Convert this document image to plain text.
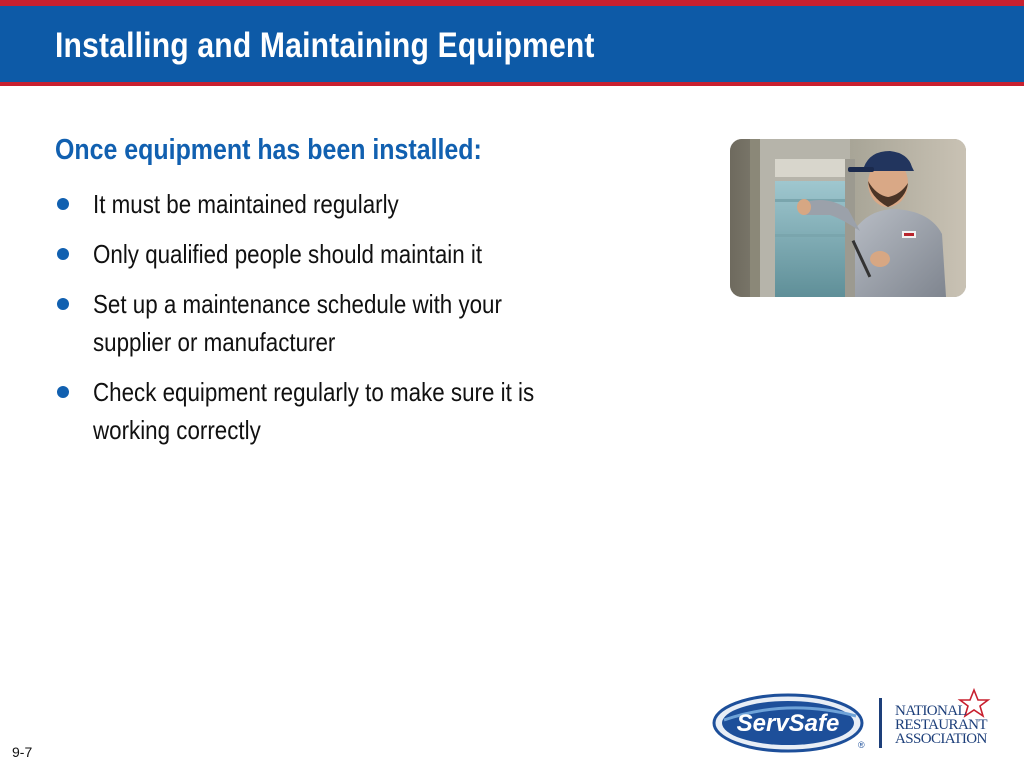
Installing and Maintaining Equipment
Once equipment has been installed:
It must be maintained regularly
Only qualified people should maintain it
Set up a maintenance schedule with your supplier or manufacturer
Check equipment regularly to make sure it is working correctly
9-7
ServSafe
®
NATIONAL
RESTAURANT
ASSOCIATION
